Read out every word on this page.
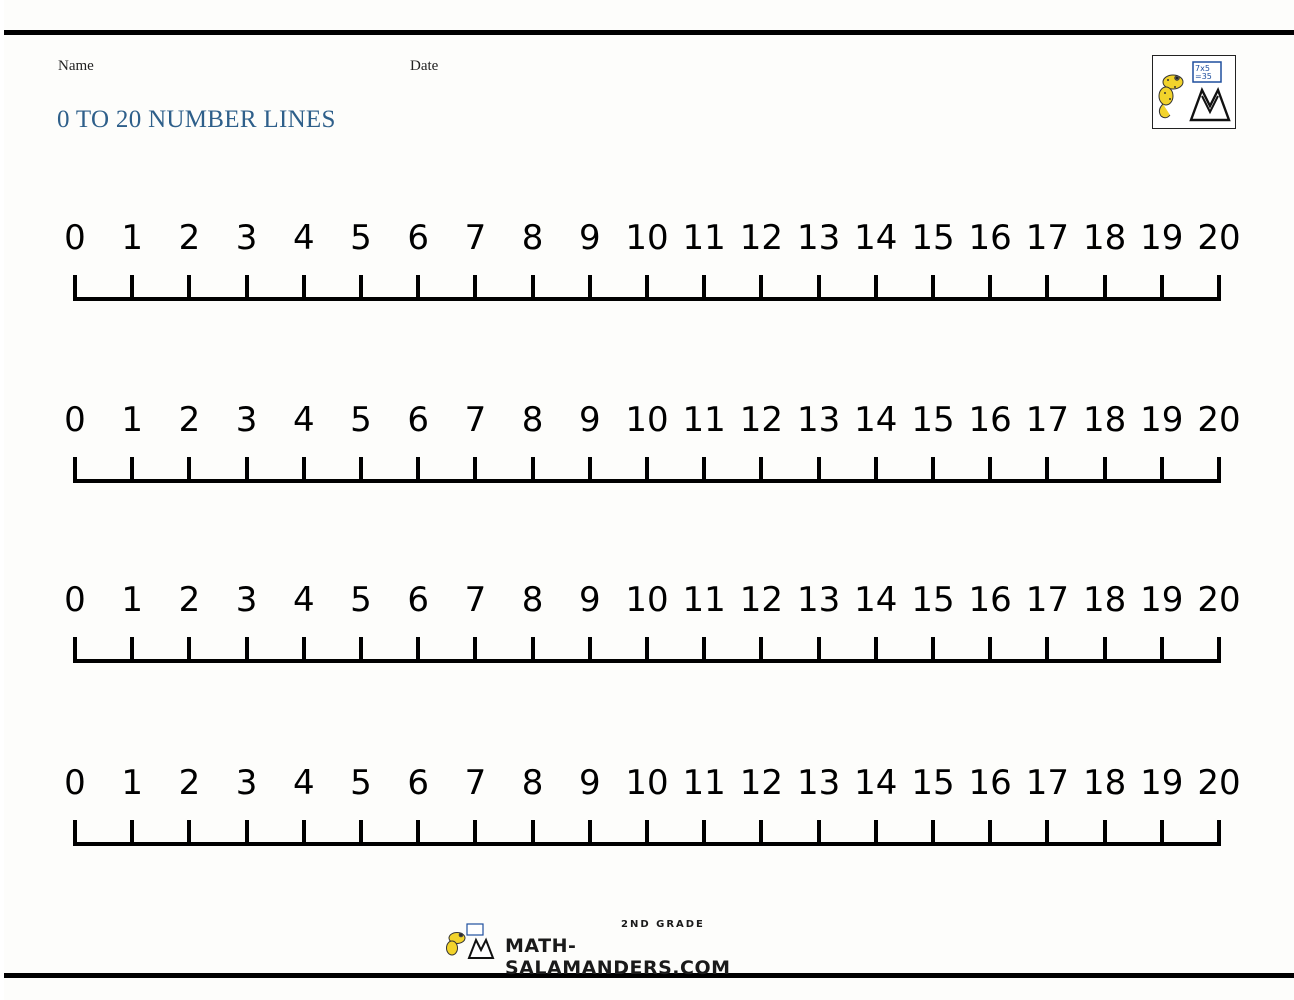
Name	Date
0 TO 20 NUMBER LINES
7x5
=35
0 1 2 3 4 5 6 7 8 9 10 11 12 13 14 15 16 17 18 19 20
0 1 2 3 4 5 6 7 8 9 10 11 12 13 14 15 16 17 18 19 20
0 1 2 3 4 5 6 7 8 9 10 11 12 13 14 15 16 17 18 19 20
0 1 2 3 4 5 6 7 8 9 10 11 12 13 14 15 16 17 18 19 20
2ND GRADE
MATH-SALAMANDERS.COM
